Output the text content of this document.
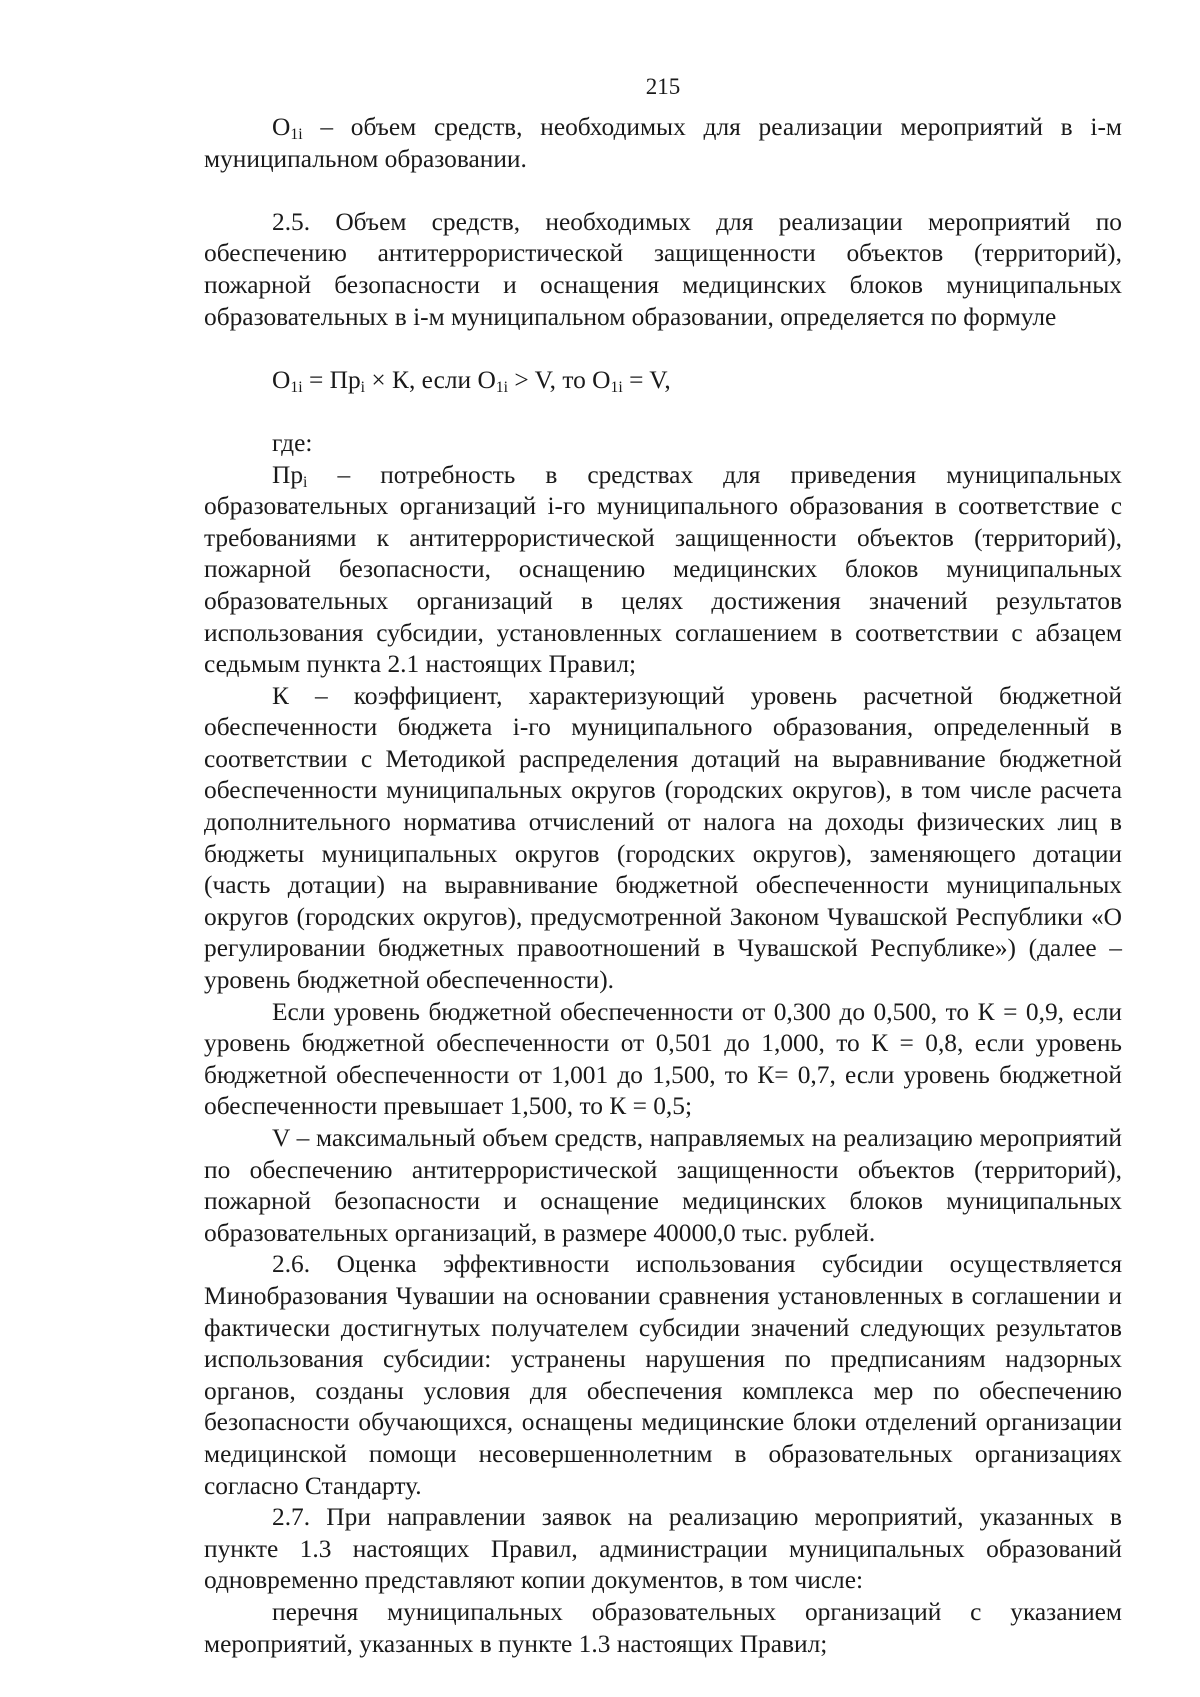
215

$O_{1i}$ – объем средств, необходимых для реализации мероприятий в i-м муниципальном образовании.

2.5. Объем средств, необходимых для реализации мероприятий по обеспечению антитеррористической защищенности объектов (территорий), пожарной безопасности и оснащения медицинских блоков муниципальных образовательных в i-м муниципальном образовании, определяется по формуле

$O_{1i} = Пр_i \times К$, если $O_{1i} > V$, то $O_{1i} = V$,

где:

$Пр_i$ – потребность в средствах для приведения муниципальных образовательных организаций i-го муниципального образования в соответствие с требованиями к антитеррористической защищенности объектов (территорий), пожарной безопасности, оснащению медицинских блоков муниципальных образовательных организаций в целях достижения значений результатов использования субсидии, установленных соглашением в соответствии с абзацем седьмым пункта 2.1 настоящих Правил;

К – коэффициент, характеризующий уровень расчетной бюджетной обеспеченности бюджета i-го муниципального образования, определенный в соответствии с Методикой распределения дотаций на выравнивание бюджетной обеспеченности муниципальных округов (городских округов), в том числе расчета дополнительного норматива отчислений от налога на доходы физических лиц в бюджеты муниципальных округов (городских округов), заменяющего дотации (часть дотации) на выравнивание бюджетной обеспеченности муниципальных округов (городских округов), предусмотренной Законом Чувашской Республики «О регулировании бюджетных правоотношений в Чувашской Республике») (далее – уровень бюджетной обеспеченности).

Если уровень бюджетной обеспеченности от 0,300 до 0,500, то К = 0,9, если уровень бюджетной обеспеченности от 0,501 до 1,000, то К = 0,8, если уровень бюджетной обеспеченности от 1,001 до 1,500, то К= 0,7, если уровень бюджетной обеспеченности превышает 1,500, то К = 0,5;

V – максимальный объем средств, направляемых на реализацию мероприятий по обеспечению антитеррористической защищенности объектов (территорий), пожарной безопасности и оснащение медицинских блоков муниципальных образовательных организаций, в размере 40000,0 тыс. рублей.

2.6. Оценка эффективности использования субсидии осуществляется Минобразования Чувашии на основании сравнения установленных в соглашении и фактически достигнутых получателем субсидии значений следующих результатов использования субсидии: устранены нарушения по предписаниям надзорных органов, созданы условия для обеспечения комплекса мер по обеспечению безопасности обучающихся, оснащены медицинские блоки отделений организации медицинской помощи несовершеннолетним в образовательных организациях согласно Стандарту.

2.7. При направлении заявок на реализацию мероприятий, указанных в пункте 1.3 настоящих Правил, администрации муниципальных образований одновременно представляют копии документов, в том числе:

перечня муниципальных образовательных организаций с указанием мероприятий, указанных в пункте 1.3 настоящих Правил;
